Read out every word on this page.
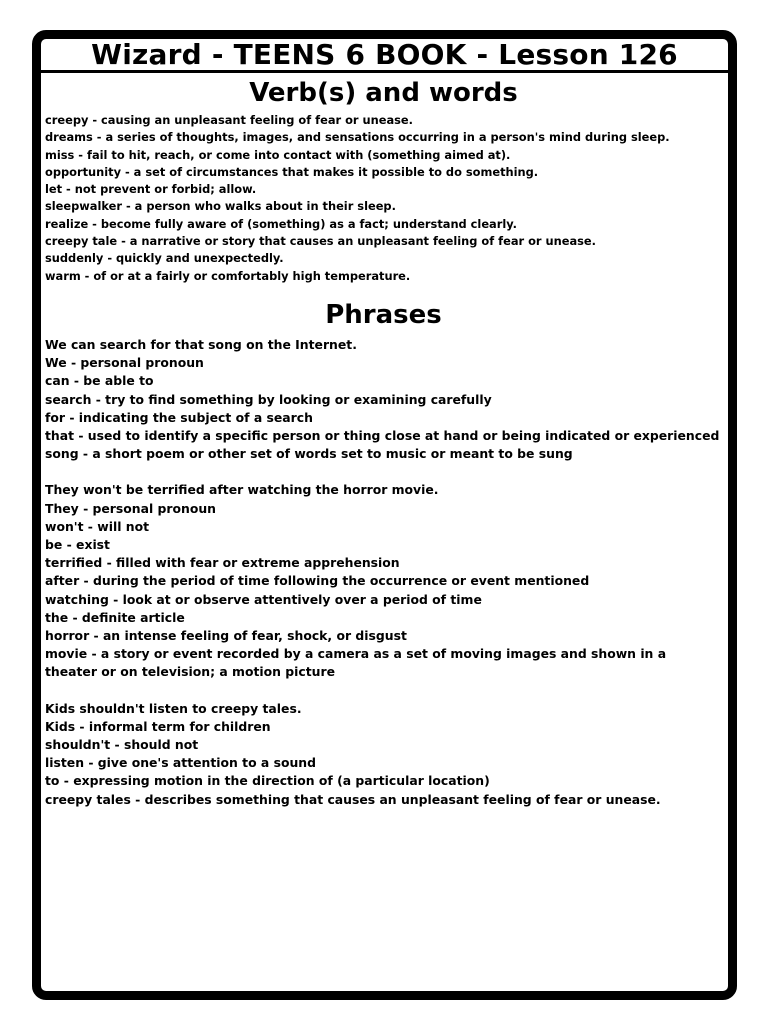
Wizard - TEENS 6 BOOK - Lesson 126
Verb(s) and words
creepy - causing an unpleasant feeling of fear or unease.
dreams - a series of thoughts, images, and sensations occurring in a person's mind during sleep.
miss - fail to hit, reach, or come into contact with (something aimed at).
opportunity - a set of circumstances that makes it possible to do something.
let - not prevent or forbid; allow.
sleepwalker - a person who walks about in their sleep.
realize - become fully aware of (something) as a fact; understand clearly.
creepy tale - a narrative or story that causes an unpleasant feeling of fear or unease.
suddenly - quickly and unexpectedly.
warm - of or at a fairly or comfortably high temperature.
Phrases
We can search for that song on the Internet.
We - personal pronoun
can - be able to
search - try to find something by looking or examining carefully
for - indicating the subject of a search
that - used to identify a specific person or thing close at hand or being indicated or experienced
song - a short poem or other set of words set to music or meant to be sung
They won't be terrified after watching the horror movie.
They - personal pronoun
won't - will not
be - exist
terrified - filled with fear or extreme apprehension
after - during the period of time following the occurrence or event mentioned
watching - look at or observe attentively over a period of time
the - definite article
horror - an intense feeling of fear, shock, or disgust
movie - a story or event recorded by a camera as a set of moving images and shown in a theater or on television; a motion picture
Kids shouldn't listen to creepy tales.
Kids - informal term for children
shouldn't - should not
listen - give one's attention to a sound
to - expressing motion in the direction of (a particular location)
creepy tales - describes something that causes an unpleasant feeling of fear or unease.
